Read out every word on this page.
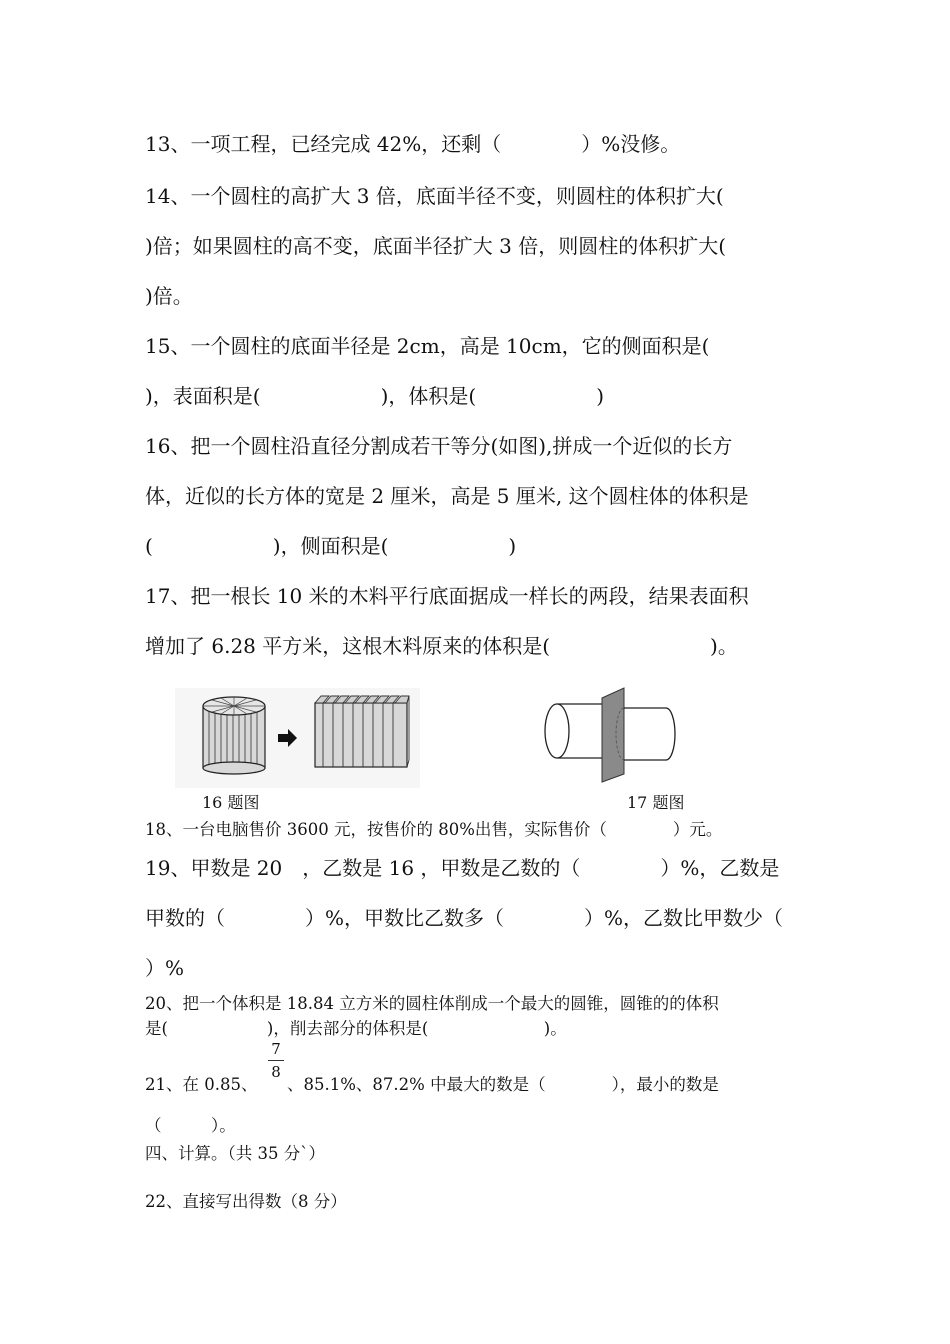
13、一项工程，已经完成 42%，还剩（　　　　）%没修。
14、一个圆柱的高扩大 3 倍，底面半径不变，则圆柱的体积扩大(
)倍；如果圆柱的高不变，底面半径扩大 3 倍，则圆柱的体积扩大(
)倍。
15、一个圆柱的底面半径是 2cm，高是 10cm，它的侧面积是(
)，表面积是(　　　　　　)，体积是(　　　　　　)
16、把一个圆柱沿直径分割成若干等分(如图),拼成一个近似的长方
体，近似的长方体的宽是 2 厘米，高是 5 厘米, 这个圆柱体的体积是
(　　　　　　)，侧面积是(　　　　　　)
17、把一根长 10 米的木料平行底面据成一样长的两段，结果表面积
增加了 6.28 平方米，这根木料原来的体积是(　　　　　　　　)。
16 题图	17 题图
18、一台电脑售价 3600 元，按售价的 80%出售，实际售价（　　　　）元。
19、甲数是 20　，乙数是 16 ，甲数是乙数的（　　　　）%，乙数是
甲数的（　　　　）%，甲数比乙数多（　　　　）%，乙数比甲数少（
）%
20、把一个体积是 18.84 立方米的圆柱体削成一个最大的圆锥，圆锥的的体积
是(　　　　　　)，削去部分的体积是(　　　　　　　)。
21、在 0.85、
7
8
、85.1%、87.2% 中最大的数是（　　　　），最小的数是
（　　　）。
四、计算。（共 35 分`）
22、直接写出得数（8 分）
